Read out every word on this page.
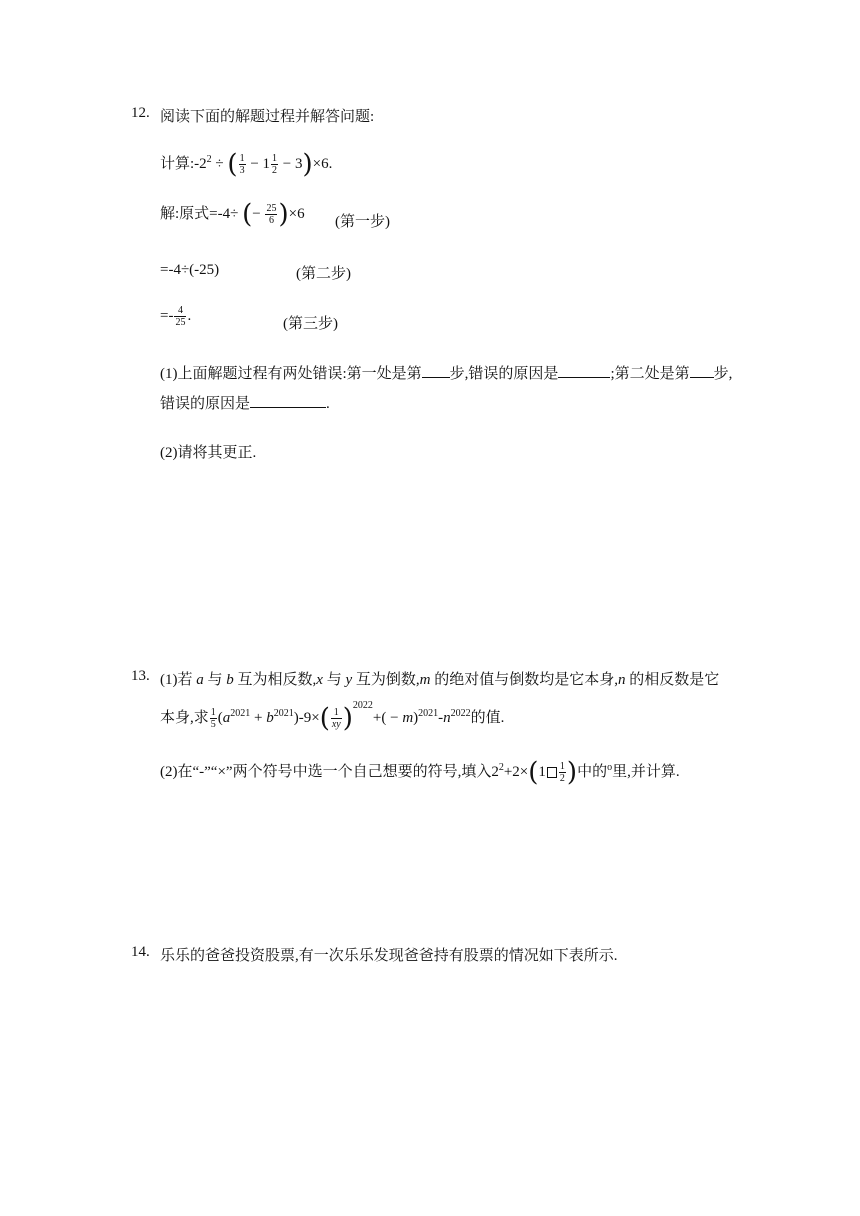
12. 阅读下面的解题过程并解答问题:
计算$:-2^2$ ÷ ( $\frac{1}{3} - 1 \frac{1}{2} - 3)\times 6$.
解:原式=-4÷ (− $\frac{25}{6} )\times 6$ (第一步)
=-4÷(-25)	(第二步)
=- $\frac{4}{25}$ .
(第三步)
(1)上面解题过程有两处错误:第一处是第 步,错误的原因是	;第二处是第 步,
错误的原因是	.
(2)请将其更正.
13. (1)若 a 与 b 互为相反数,x 与 y 互为倒数,m 的绝对值与倒数均是它本身,n 的相反数是它
本身,求 $\frac{1}{5} (a^{2021} + b^{2021})-9\times( \frac{1}{xy} )^{2022}+( - m)^{2021}-n^{2022}$的值.
(2)在“-”“×”两个符号中选一个自己想要的符号,填入$2^2+2\times(1 \frac{1}{2}$ )中的$^o$里,并计算.
14. 乐乐的爸爸投资股票,有一次乐乐发现爸爸持有股票的情况如下表所示.
